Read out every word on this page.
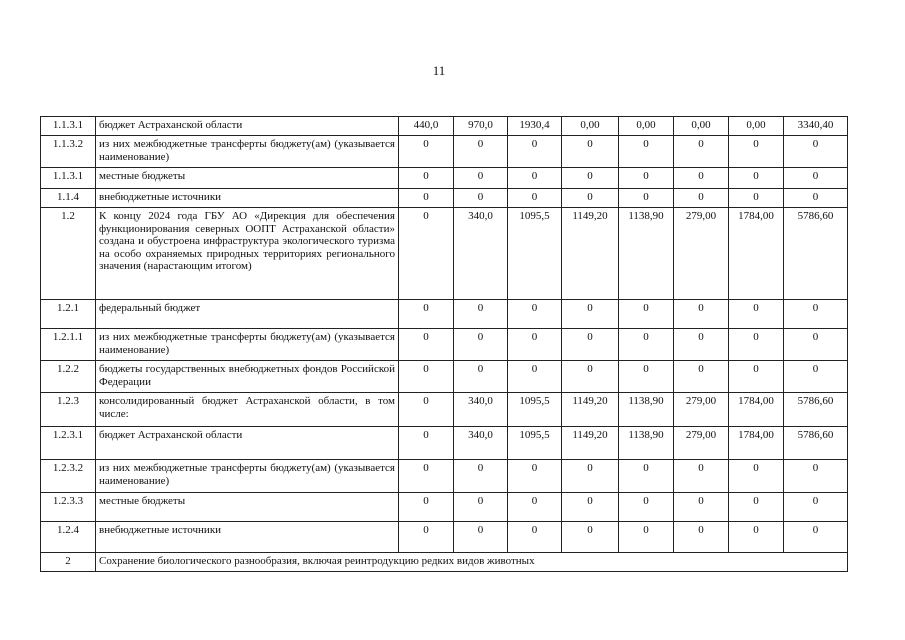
11
1.1.3.1	бюджет Астраханской области	440,0	970,0	1930,4	0,00	0,00	0,00	0,00	3340,40
1.1.3.2	из них межбюджетные трансферты бюджету(ам) (указывается наименование)	0	0	0	0	0	0	0	0
1.1.3.1	местные бюджеты	0	0	0	0	0	0	0	0
1.1.4	внебюджетные источники	0	0	0	0	0	0	0	0
1.2	К концу 2024 года ГБУ АО «Дирекция для обеспечения функционирования северных ООПТ Астраханской области» создана и обустроена инфраструктура экологического туризма на особо охраняемых природных территориях регионального значения (нарастающим итогом)	0	340,0	1095,5	1149,20	1138,90	279,00	1784,00	5786,60
1.2.1	федеральный бюджет	0	0	0	0	0	0	0	0
1.2.1.1	из них межбюджетные трансферты бюджету(ам) (указывается наименование)	0	0	0	0	0	0	0	0
1.2.2	бюджеты государственных внебюджетных фондов Российской Федерации	0	0	0	0	0	0	0	0
1.2.3	консолидированный бюджет Астраханской области, в том числе:	0	340,0	1095,5	1149,20	1138,90	279,00	1784,00	5786,60
1.2.3.1	бюджет Астраханской области	0	340,0	1095,5	1149,20	1138,90	279,00	1784,00	5786,60
1.2.3.2	из них межбюджетные трансферты бюджету(ам) (указывается наименование)	0	0	0	0	0	0	0	0
1.2.3.3	местные бюджеты	0	0	0	0	0	0	0	0
1.2.4	внебюджетные источники	0	0	0	0	0	0	0	0
2	Сохранение биологического разнообразия, включая реинтродукцию редких видов животных								
